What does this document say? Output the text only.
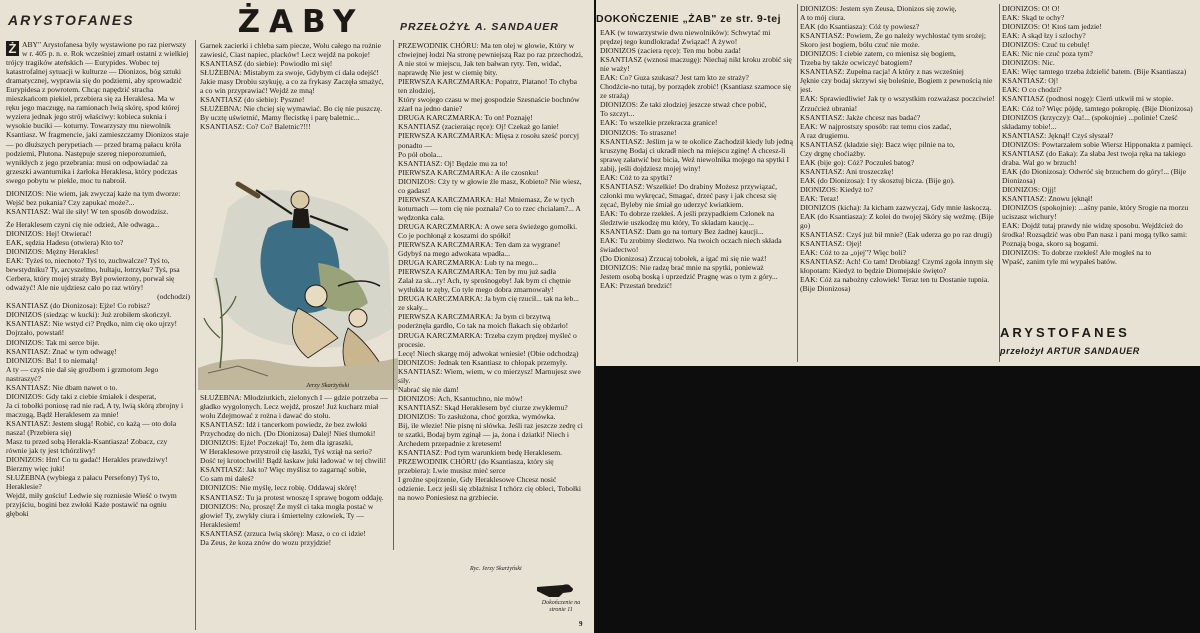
ARYSTOFANES	ŻABY	PRZEŁOŻYŁ A. SANDAUER
Ż ABY" Arystofanesa były wystawione po raz pierwszy w r. 405 p. n. e. Rok wcześniej zmarł ostatni z wielkiej trójcy tragików ateńskich — Eurypides. Wobec tej katastrofalnej sytuacji w kulturze — Dionizos, bóg sztuki dramatycznej, wyprawia się do podziemi, aby sprowadzić Eurypidesa z powrotem. Chcąc napędzić stracha mieszkańcom piekieł, przebiera się za Heraklesa. Ma w ręku jego maczugę, na ramionach lwią skórę, spod której wyziera jednak jego strój właściwy: kobieca suknia i wysokie buciki — koturny. Towarzyszy mu niewolnik Ksantiasz. W fragmencie, jaki zamieszczamy Dionizos staje — po dłuższych perypetiach — przed bramą pałacu króla podziemi, Plutona. Następuje szereg nieporozumień, wynikłych z jego przebrania: musi on odpowiadać za grzeszki awanturnika i żarłoka Heraklesa, który podczas swego pobytu w piekle, moc tu nabroił.

DIONIZOS: Nie wiem, jak zwyczaj każe na tym dworze:

Wejść bez pukania? Czy zapukać może?...

KSANTIASZ: Wal ile siły! W ten sposób dowodzisz.

Że Heraklesem czyni cię nie odzież, Ale odwaga...

DIONIZOS: Hej! Otwierać!

EAK, sędzia Hadesu (otwiera) Kto to?

DIONIZOS: Mężny Herakles!

EAK: Tyżeś to, niecnoto? Tyś to, zuchwalcze? Tyś to, bewstydniku? Ty, arcyszelmo, hultaju, łotrzyku? Tyś, psa Cerbera, który mojej straży Był powierzony, porwał się odważyć! Ale nie ujdziesz cało po raz wtóry!

(odchodzi)

KSANTIASZ (do Dionizosa): Ejże! Co robisz?

DIONIZOS (siedząc w kucki): Już zrobiłem skończył.

KSANTIASZ: Nie wstyd ci? Prędko, nim cię oko ujrzy!

Dojrzało, powstań!

DIONIZOS: Tak mi serce bije.

KSANTIASZ: Znać w tym odwagę!

DIONIZOS: Ba! I to niemałą!

A ty — czyś nie dał się groźbom i grzmotom Jego nastraszyć?

KSANTIASZ: Nie dbam nawet o to.

DIONIZOS: Gdy taki z ciebie śmiałek i desperat,

Ja ci tobołki poniosę rad nie rad, A ty, lwią skórą zbrojny i maczugą, Bądź Heraklesem za mnie!

KSANTIASZ: Jestem sługą! Robić, co każą — oto dola nasza! (Przebiera się)

Masz tu przed sobą Herakla-Ksantiasza! Zobacz, czy równie jak ty jest tchórzliwy!

DIONIZOS: Hm! Co tu gadać! Herakles prawdziwy!

Bierzmy więc juki!

SŁUŻEBNA (wybiega z pałacu Persefony) Tyś to, Heraklesie?

Wejdź, miły gościu! Ledwie się rozniesie Wieść o twym przyjściu, bogini bez zwłoki Każe postawić na ogniu głęboki

Garnek zacierki i chleba sam piecze, Wołu całego na rożnie zawiesić, Ciast napiec, placków! Lecz wejdź na pokoje!

KSANTIASZ (do siebie): Powiodło mi się!

SŁUŻEBNA: Mistabym za swoje, Gdybym ci dała odejść! Jakie masy Drobiu szykuję, a co za frykasy Zaczęła smażyć, a co win przyprawiać! Wejdź ze mną!

KSANTIASZ (do siebie): Pyszne!

SŁUŻEBNA: Nie chciej się wymawiać. Bo cię nie puszczę. By ucztę uświetnić, Mamy flecistkę i parę baletnic...

KSANTIASZ: Co? Co? Baletnic?!!!

Jerzy Skarżyński

SŁUŻEBNA: Młodziutkich, zielonych I — gdzie potrzeba — gładko wygolonych. Lecz wejdź, prosze! Już kucharz miał wołu Zdejmować z rożna i dawać do stołu.

KSANTIASZ: Idź i tancerkom powiedz, że bez zwłoki

Przychodzę do nich. (Do Dionizosa) Dalej! Nieś tłumoki!

DIONIZOS: Ejże! Poczekaj! To, żem dla igraszki,

W Heraklesowe przystroił cię łaszki, Tyś wziął na serio? Dość tej krotochwili! Bądź łaskaw juki ładować w tej chwili!

KSANTIASZ: Jak to? Więc myślisz to zagarnąć sobie,

Co sam mi dałeś?

DIONIZOS: Nie myślę, lecz robię. Oddawaj skórę!

KSANTIASZ: Tu ja protest wnoszę I sprawę bogom oddaję.

DIONIZOS: No, proszę! Że myśl ci taka mogła postać w głowie! Ty, zwykły ciura i śmiertelny człowiek, Ty — Heraklesiem!

KSANTIASZ (zrzuca lwią skórę): Masz, o co ci idzie!

Da Zeus, że koza znów do wozu przyjdzie!

PRZEWODNIK CHÓRU: Ma ten olej w głowie, Który w chwiejnej łodzi Na stronę pewniejszą Raz po raz przechodzi, A nie stoi w miejscu, Jak ten bałwan ryty. Ten, widać, naprawdę Nie jest w ciemię bity.

PIERWSZA KARCZMARKA: Popatrz, Platano! To chyba ten złodziej,

Który swojego czasu w mej gospodzie Szesnaście bochnów zżarł na jedno danie?

DRUGA KARCZMARKA: To on! Poznaję!

KSANTIASZ (zacieraiąc ręce): Oj! Czekaż go lanie!

PIERWSZA KARCZMARKA: Mięsa z rosołu sześć porcyj ponadto —

Po pół obola...

KSANTIASZ: Oj! Będzie mu za to!

PIERWSZA KARCZMARKA: A ile czosnku!

DIONIZOS: Cży ty w głowie źle masz, Kobieto? Nie wiesz, co gadasz!

PIERWSZA KARCZMARKA: Ha! Mniemasz, Że w tych koturnach — tom cię nie poznała? Co to rzec chciałam?... A wędzonka cała.

DRUGA KARCZMARKA: A owe sera świeżego gomołki.

Co je pochłonął z koszami do spółki!

PIERWSZA KARCZMARKA: Ten dam za wygrane!

Gdybyś na mego adwokata wpadła...

DRUGA KARCZMARKA: Lub ty na mego...

PIERWSZA KARCZMARKA: Ten by mu już sadła

Zalał za sk...ry! Ach, ty sprośnogeby! Jak bym ci chętnie wytłukła te zęby, Co tyle mego dobra zmarnowały!

DRUGA KARCZMARKA: Ja bym cię rzucił... tak na łeb... ze skały...

PIERWSZA KARCZMARKA: Ja bym ci brzytwą poderżnęła gardło, Co tak na moich flakach się obżarło!

DRUGA KARCZMARKA: Trzeba czym prędzej myśleć o procesie.

Lecę! Niech skargę mój adwokat wniesie! (Obie odchodzą)

DIONIZOS: Jednak ten Ksantiasz to chłopak przemyły.

KSANTIASZ: Wiem, wiem, w co mierzysz! Marnujesz swe siły.

Nabrać się nie dam!

DIONIZOS: Ach, Ksantuchno, nie mów!

KSANTIASZ: Skąd Heraklesem być ciurze zwykłemu?

DIONIZOS: To zasłużona, choć gorzka, wymówka.

Bij, ile wlezie! Nie pisnę ni słówka. Jeśli raz jeszcze zedrę ci te szatki, Bodaj bym zginął — ja, żona i dziatki! Niech i Archedem przepadnie z kretesem!

KSANTIASZ: Pod tym warunkiem bedę Heraklesem.

PRZEWODNIK CHÓRU (do Ksantiasza, który się przebiera): Lwie musisz mieć serce

I groźne spojrzenie, Gdy Heraklesowe Chcesz nosić odzienie. Lecz jeśli się zbłaźnisz I tchórz cię obleci, Tobołki na nowo Poniesiesz na grzbiecie.

Ryc. Jerzy Skarżyński
Dokończenie na stronie 11
9

EAK (w towarzystwie dwu niewolników): Schwytać mi prędzej tego kundlokrada! Związać! A żywo!

DIONIZOS (zaciera ręce): Ten mu bobu zada!

KSANTIASZ (wznosi maczugę): Niechaj nikt kroku zrobić się nie waży!

EAK: Co? Guza szukasz? Jest tam kto ze straży?

Chodźcie-no tutaj, by porządek zrobić! (Ksantiasz szamoce się ze strażą)

DIONIZOS: Że taki złodziej jeszcze stważ chce pobić,

To szczyt...

EAK: To wszelkie przekracza granice!

DIONIZOS: To straszne!

KSANTIASZ: Jeślim ja w te okolice Zachodził kiedy lub jedną kruszynę Bodaj ci ukradł niech na miejscu zginę! A chcesz-li sprawę załatwić bez bicia, Weź niewolnika mojego na spytki I zabij, jeśli dojdziesz mojej winy!

EAK: Cóż to za spytki?

KSANTIASZ: Wszelkie! Do drabiny Możesz przywiązać, członki mu wykręcać, Smagać, drzeć pasy i jak chcesz się zęcać, Byleby nie śmiał go uderzyć kwiatkiem.

EAK: To dobrze rzekłeś. A jeśli przypadkiem Członek na śledztwie uszkodzę mu który, To składam kaucję...

KSANTIASZ: Dam go na tortury Bez żadnej kaucji...

EAK: Tu zrobimy śledztwo. Na twoich oczach niech składa świadectwo!

(Do Dionizosa) Zrzucaj tobołek, a igać mi się nie waż!

DIONIZOS: Nie radzę brać mnie na spytki, ponieważ

Jestem osobą boską i uprzedzić Pragnę was o tym z góry...

EAK: Przestań bredzić!

DIONIZOS: Jestem syn Zeusa, Dionizos się zowię,

A to mój ciura.

EAK (do Ksantiasza): Cóż ty powiesz?

KSANTIASZ: Powiem, Że go należy wychłostać tym srożej; Skoro jest bogiem, bólu czuć nie może.

DIONIZOS: I ciebie zatem, co mienisz się bogiem,

Trzeba by także ocwiczyć batogiem?

KSANTIASZ: Zupełna racja! A który z nas wcześniej

Jęknie czy bodaj skrzywi się boleśnie, Bogiem z pewnością nie jest.

EAK: Sprawiedliwie! Jak ty o wszystkim rozważasz poczciwie! Zrzućcież ubrania!

KSANTIASZ: Jakże chcesz nas badać?

EAK: W najprostszy sposób: raz temu cios zadać,

A raz drugiemu.

KSANTIASZ (kładzie się): Bacz więc pilnie na to,

Czy drgnę choćiażby.

EAK (bije go): Cóż? Poczułeś batog?

KSANTIASZ: Ani troszeczkę!

EAK (do Dionizosa): I ty skosztuj bicza. (Bije go).

DIONIZOS: Kiedyż to?

EAK: Teraz!

DIONIZOS (kicha): Ja kicham zazwyczaj, Gdy mnie łaskoczą.

EAK (do Ksantiasza): Z kolei do twojej Skóry się weźmę. (Bije go)

KSANTIASZ: Czyś już bił mnie? (Eak uderza go po raz drugi)

KSANTIASZ: Ojej!

EAK: Cóż to za „ojej"? Więc boli?

KSANTIASZ: Ach! Co tam! Drobiazg! Czymś zgoła innym się kłopotam: Kiedyż to będzie Diomejskie święto?

EAK: Cóż za nabożny człowiek! Teraz ten tu Dostanie tupnia. (Bije Dionizosa)

DIONIZOS: O! O!

EAK: Skąd te ochy?

DIONIZOS: O! Ktoś tam jedzie!

EAK: A skąd łzy i szlochy?

DIONIZOS: Czuć tu cebulę!

EAK: Nic nie czuć poza tym?

DIONIZOS: Nic.

EAK: Więc tamtego trzeba ździelić batem. (Bije Ksantiasza)

KSANTIASZ: Oj!

EAK: O co chodzi?

KSANTIASZ (podnosi nogę): Cierń utkwił mi w stopie.

EAK: Cóż to? Więc pójdę, tamtego pokropię. (Bije Dionizosa)

DIONIZOS (krzyczy): Oa!... (spokojnie) ...polinie! Cześć składamy tobie!...

KSANTIASZ: Jęknął! Czyś słyszał?

DIONIZOS: Powtarzałem sobie Wiersz Hipponakta z pamięci.

KSANTIASZ (do Eaka): Za słaba Jest twoja ręka na takiego draba. Wal go w brzuch!

EAK (do Dionizosa): Odwróć się brzuchem do góry!... (Bije Dionizosa)

DIONIZOS: Ojjj!

KSANTIASZ: Znowu jęknął!

DIONIZOS (spokojnie): ...aśny panie, który Srogie na morzu uciszasz wichury!

EAK: Dojdź tutaj prawdy nie widzę sposobu. Wejdźcież do środka! Rozsądzić was obu Pan nasz i pani mogą tylko sami: Poznają boga, skoro są bogami.

DIONIZOS: To dobrze rzekłeś! Ale mogłeś na to

Wpaść, zanim tyle mi wypałeś batów.

DOKOŃCZENIE „ŻAB" ze str. 9-tej
ARYSTOFANES
przełożył ARTUR SANDAUER
